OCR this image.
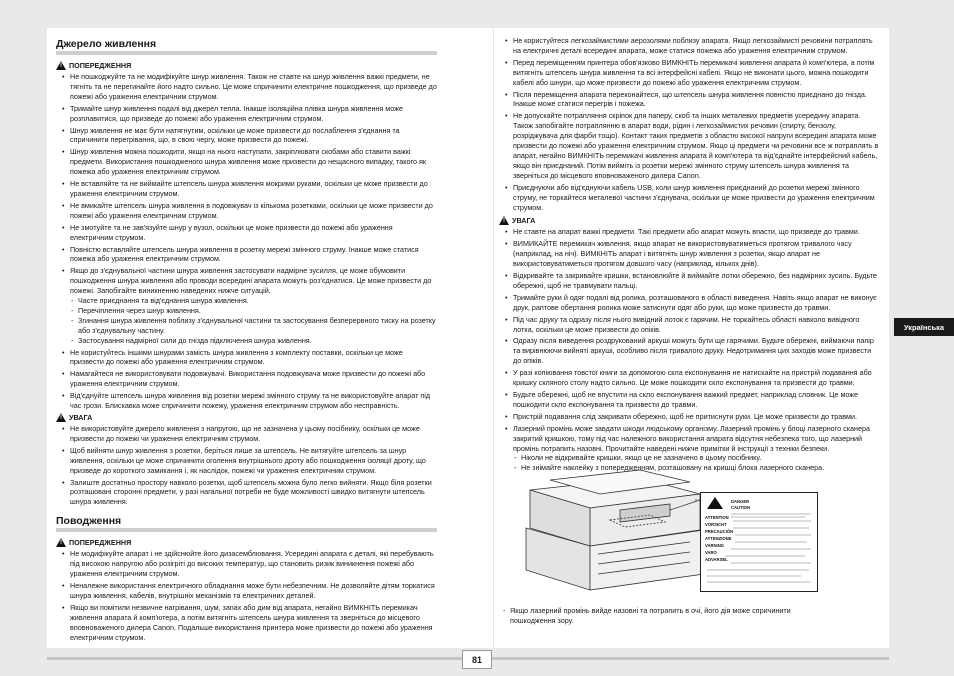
Джерело живлення
! ПОПЕРЕДЖЕННЯ
• Не пошкоджуйте та не модифікуйте шнур живлення. Також не ставте на шнур живлення важкі предмети, не тягніть та не перегинайте його надто сильно. Це може спричинити електричне пошкодження, що призведе до пожежі або ураження електричним струмом.
• Тримайте шнур живлення подалі від джерел тепла. Інакше ізоляційна плівка шнура живлення може розплавитися, що призведе до пожежі або ураження електричним струмом.
• Шнур живлення не має бути натягнутим, оскільки це може призвести до послаблення з'єднання та спричинити перегрівання, що, в свою чергу, може призвести до пожежі.
• Шнур живлення можна пошкодити, якщо на нього наступати, закріплювати скобами або ставити важкі предмети. Використання пошкодженого шнура живлення може призвести до нещасного випадку, такого як пожежа або ураження електричним струмом.
• Не вставляйте та не виймайте штепсель шнура живлення мокрими руками, оскільки це може призвести до ураження електричним струмом.
• Не вмикайте штепсель шнура живлення в подовжувач із кількома розетками, оскільки це може призвести до пожежі або ураження електричним струмом.
• Не змотуйте та не зав'язуйте шнур у вузол, оскільки це може призвести до пожежі або ураження електричним струмом.
• Повністю вставляйте штепсель шнура живлення в розетку мережі змінного струму. Інакше може статися пожежа або ураження електричним струмом.
• Якщо до з'єднувальної частини шнура живлення застосувати надмірне зусилля, це може обумовити пошкодження шнура живлення або проводи всередині апарата можуть роз'єднатися. Це може призвести до пожежі. Запобігайте виникненню наведених нижче ситуацій.
- Часте приєднання та від'єднання шнура живлення.
- Перечіплення через шнур живлення.
- Згинання шнура живлення поблизу з'єднувальної частини та застосування безперервного тиску на розетку або з'єднувальну частину.
- Застосування надмірної сили до гнізда підключення шнура живлення.
• Не користуйтесь іншими шнурами замість шнура живлення з комплекту поставки, оскільки це може призвести до пожежі або ураження електричним струмом.
• Намагайтеся не використовувати подовжувачі. Використання подовжувача може призвести до пожежі або ураження електричним струмом.
• Від'єднуйте штепсель шнура живлення від розетки мережі змінного струму та не використовуйте апарат під час грози. Блискавка може спричинити пожежу, ураження електричним струмом або несправність.
! УВАГА
• Не використовуйте джерело живлення з напругою, що не зазначена у цьому посібнику, оскільки це може призвести до пожежі чи ураження електричним струмом.
• Щоб вийняти шнур живлення з розетки, беріться лише за штепсель. Не витягуйте штепсель за шнур живлення, оскільки це може спричинити оголення внутрішнього дроту або пошкодження ізоляції дроту, що призведе до короткого замикання і, як наслідок, пожежі чи ураження електричним струмом.
• Залиште достатньо простору навколо розетки, щоб штепсель можна було легко вийняти. Якщо біля розетки розташовані сторонні предмети, у разі нагальної потреби не буде можливості швидко витягнути штепсель шнура живлення.
Поводження
! ПОПЕРЕДЖЕННЯ
• Не модифікуйте апарат і не здійснюйте його дизасемблювання. Усередині апарата є деталі, які перебувають під високою напругою або розігріті до високих температур, що становить ризик виникнення пожежі або ураження електричним струмом.
• Неналежне використання електричного обладнання може бути небезпечним. Не дозволяйте дітям торкатися шнура живлення, кабелів, внутрішніх механізмів та електричних деталей.
• Якщо ви помітили незвичне нагрівання, шум, запах або дим від апарата, негайно ВИМКНІТЬ перемикач живлення апарата й комп'ютера, а потім витягніть штепсель шнура живлення та зверніться до місцевого вповноваженого дилера Canon. Подальше використання принтера може призвести до пожежі або ураження електричним струмом.
• Не користуйтеся легкозаймистими аерозолями поблизу апарата. Якщо легкозаймисті речовини потраплять на електричні деталі всередині апарата, може статися пожежа або ураження електричним струмом.
• Перед переміщенням принтера обов'язково ВИМКНІТЬ перемикачі живлення апарата й комп'ютера, а потім витягніть штепсель шнура живлення та всі інтерфейсні кабелі. Якщо не виконати цього, можна пошкодити кабелі або шнури, що може призвести до пожежі або ураження електричним струмом.
• Після переміщення апарата переконайтеся, що штепсель шнура живлення повністю приєднано до гнізда. Інакше може статися перегрів і пожежа.
• Не допускайте потрапляння скріпок для паперу, скоб та інших металевих предметів усередину апарата. Також запобігайте потраплянню в апарат води, рідин і легкозаймистих речовин (спирту, бензолу, розріджувача для фарби тощо). Контакт таких предметів з областю високої напруги всередині апарата може призвести до пожежі або ураження електричним струмом. Якщо ці предмети чи речовини все ж потраплять в апарат, негайно ВИМКНІТЬ перемикачі живлення апарата й комп'ютера та від'єднайте інтерфейсний кабель, якщо він приєднаний. Потім вийміть із розетки мережі змінного струму штепсель шнура живлення та зверніться до місцевого вповноваженого дилера Canon.
• Приєднуючи або від'єднуючи кабель USB, коли шнур живлення приєднаний до розетки мережі змінного струму, не торкайтеся металевої частини з'єднувача, оскільки це може призвести до ураження електричним струмом.
! УВАГА
• Не ставте на апарат важкі предмети. Такі предмети або апарат можуть впасти, що призведе до травми.
• ВИМИКАЙТЕ перемикач живлення, якщо апарат не використовуватиметься протягом тривалого часу (наприклад, на ніч). ВИМКНІТЬ апарат і витягніть шнур живлення з розетки, якщо апарат не використовуватиметься протягом довшого часу (наприклад, кількох днів).
• Відкривайте та закривайте кришки, встановлюйте й виймайте лотки обережно, без надмірних зусиль. Будьте обережні, щоб не травмувати пальці.
• Тримайте руки й одяг подалі від ролика, розташованого в області виведення. Навіть якщо апарат не виконує друк, раптове обертання ролика може затиснути одяг або руки, що може призвести до травми.
• Під час друку та одразу після нього вивідний лоток є гарячим. Не торкайтесь області навколо вивідного лотка, оскільки це може призвести до опіків.
• Одразу після виведення роздрукований аркуші можуть бути ще гарячими. Будьте обережні, виймаючи папір та вирівнюючи вийняті аркуші, особливо після тривалого друку. Недотримання цих заходів може призвести до опіків.
• У разі копіювання товстої книги за допомогою скла експонування не натискайте на пристрій подавання або кришку скляного столу надто сильно. Це може пошкодити скло експонування та призвести до травми.
• Будьте обережні, щоб не впустити на скло експонування важкий предмет, наприклад словник. Це може пошкодити скло експонування та призвести до травми.
• Пристрій подавання слід закривати обережно, щоб не притиснути руки. Це може призвести до травми.
• Лазерний промінь може завдати шкоди людському організму. Лазерний промінь у блоці лазерного сканера закритий кришкою, тому під час належного використання апарата відсутня небезпека того, що лазерний промінь потрапить назовні. Прочитайте наведені нижче примітки й інструкції з техніки безпеки.
- Ніколи не відкривайте кришки, якщо це не зазначено в цьому посібнику.
- Не знімайте наклейку з попередженням, розташовану на кришці блока лазерного сканера.
DANGER
CAUTION
ATTENTION
VORSICHT
PRECAUCIÓN
ATTENZIONE
VARNING
VARO
ADVARSEL
- Якщо лазерний промінь вийде назовні та потрапить в очі, його дія може спричинити пошкодження зору.
Українська
81
